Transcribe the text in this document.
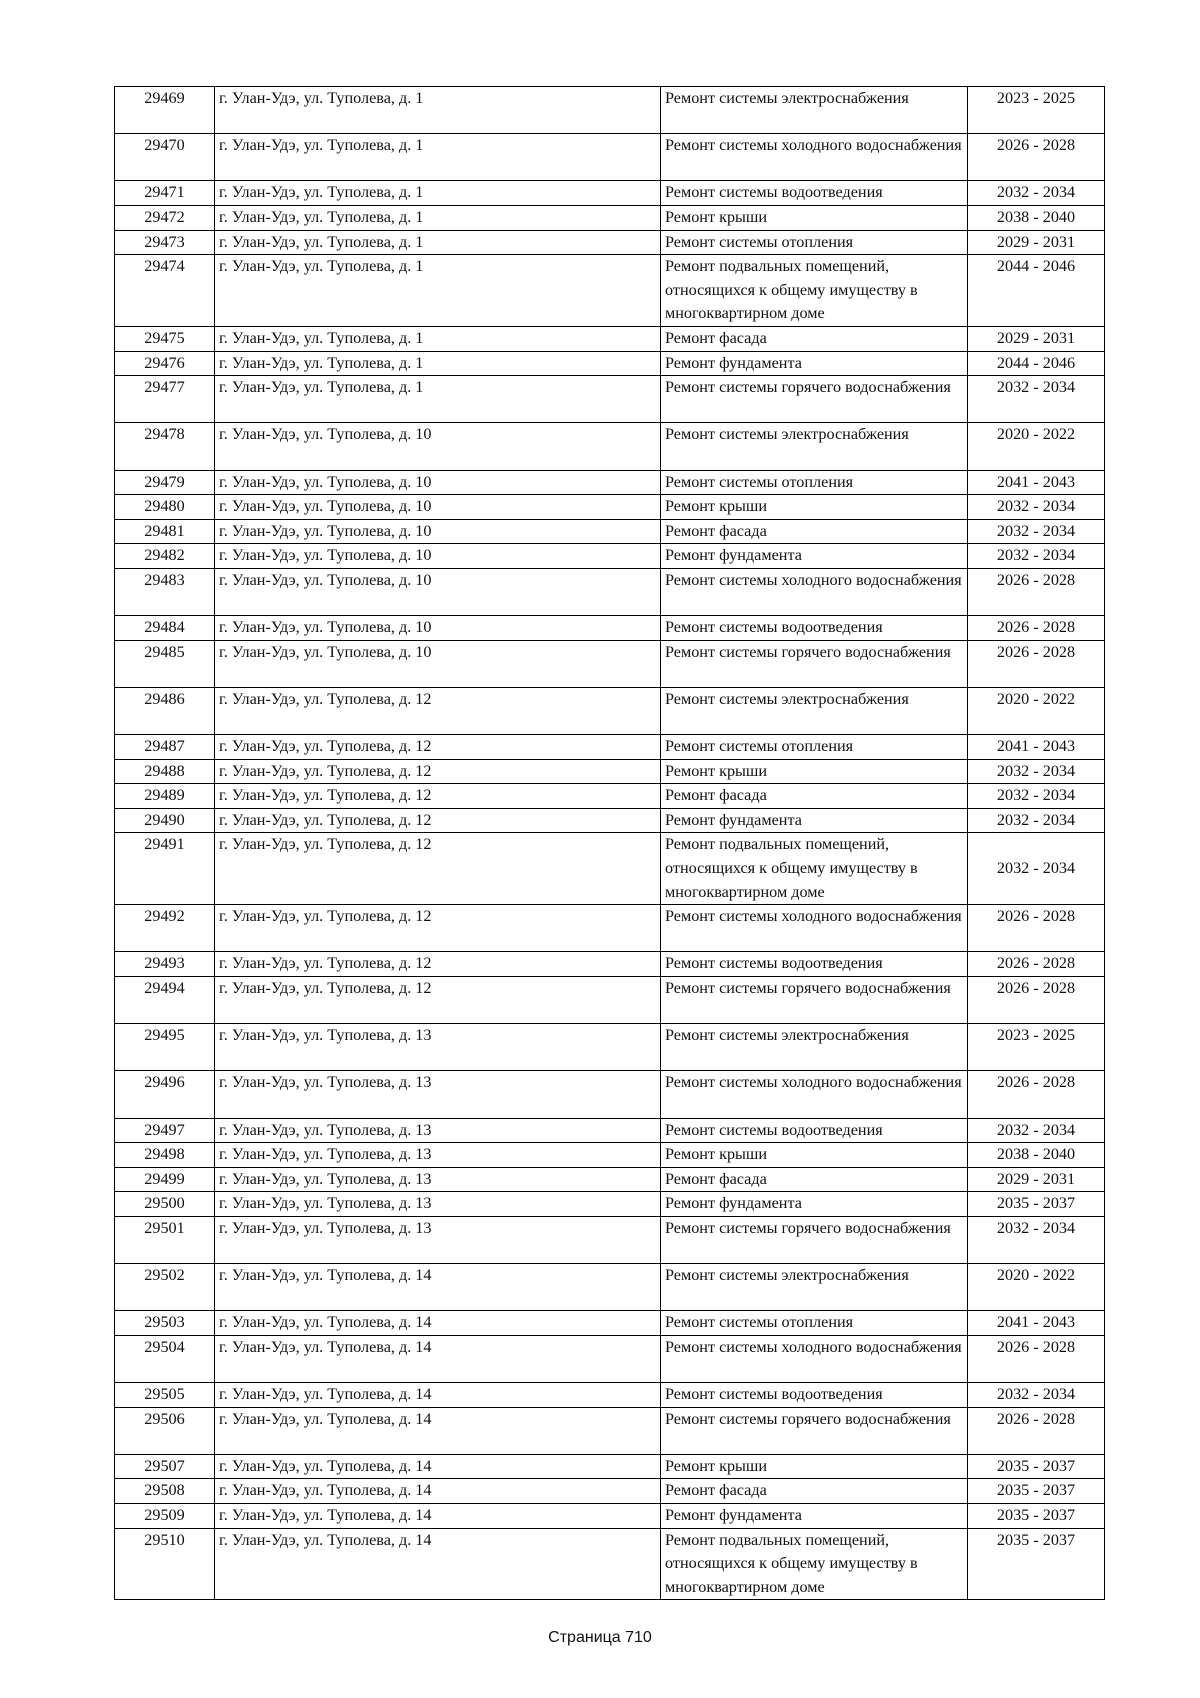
29469	г. Улан-Удэ, ул. Туполева, д. 1	Ремонт системы электроснабжения	2023 - 2025
29470	г. Улан-Удэ, ул. Туполева, д. 1	Ремонт системы холодного водоснабжения	2026 - 2028
29471	г. Улан-Удэ, ул. Туполева, д. 1	Ремонт системы водоотведения	2032 - 2034
29472	г. Улан-Удэ, ул. Туполева, д. 1	Ремонт крыши	2038 - 2040
29473	г. Улан-Удэ, ул. Туполева, д. 1	Ремонт системы отопления	2029 - 2031
29474	г. Улан-Удэ, ул. Туполева, д. 1	Ремонт подвальных помещений, относящихся к общему имуществу в многоквартирном доме	2044 - 2046
29475	г. Улан-Удэ, ул. Туполева, д. 1	Ремонт фасада	2029 - 2031
29476	г. Улан-Удэ, ул. Туполева, д. 1	Ремонт фундамента	2044 - 2046
29477	г. Улан-Удэ, ул. Туполева, д. 1	Ремонт системы горячего водоснабжения	2032 - 2034
29478	г. Улан-Удэ, ул. Туполева, д. 10	Ремонт системы электроснабжения	2020 - 2022
29479	г. Улан-Удэ, ул. Туполева, д. 10	Ремонт системы отопления	2041 - 2043
29480	г. Улан-Удэ, ул. Туполева, д. 10	Ремонт крыши	2032 - 2034
29481	г. Улан-Удэ, ул. Туполева, д. 10	Ремонт фасада	2032 - 2034
29482	г. Улан-Удэ, ул. Туполева, д. 10	Ремонт фундамента	2032 - 2034
29483	г. Улан-Удэ, ул. Туполева, д. 10	Ремонт системы холодного водоснабжения	2026 - 2028
29484	г. Улан-Удэ, ул. Туполева, д. 10	Ремонт системы водоотведения	2026 - 2028
29485	г. Улан-Удэ, ул. Туполева, д. 10	Ремонт системы горячего водоснабжения	2026 - 2028
29486	г. Улан-Удэ, ул. Туполева, д. 12	Ремонт системы электроснабжения	2020 - 2022
29487	г. Улан-Удэ, ул. Туполева, д. 12	Ремонт системы отопления	2041 - 2043
29488	г. Улан-Удэ, ул. Туполева, д. 12	Ремонт крыши	2032 - 2034
29489	г. Улан-Удэ, ул. Туполева, д. 12	Ремонт фасада	2032 - 2034
29490	г. Улан-Удэ, ул. Туполева, д. 12	Ремонт фундамента	2032 - 2034
29491	г. Улан-Удэ, ул. Туполева, д. 12	Ремонт подвальных помещений, относящихся к общему имуществу в многоквартирном доме	2032 - 2034
29492	г. Улан-Удэ, ул. Туполева, д. 12	Ремонт системы холодного водоснабжения	2026 - 2028
29493	г. Улан-Удэ, ул. Туполева, д. 12	Ремонт системы водоотведения	2026 - 2028
29494	г. Улан-Удэ, ул. Туполева, д. 12	Ремонт системы горячего водоснабжения	2026 - 2028
29495	г. Улан-Удэ, ул. Туполева, д. 13	Ремонт системы электроснабжения	2023 - 2025
29496	г. Улан-Удэ, ул. Туполева, д. 13	Ремонт системы холодного водоснабжения	2026 - 2028
29497	г. Улан-Удэ, ул. Туполева, д. 13	Ремонт системы водоотведения	2032 - 2034
29498	г. Улан-Удэ, ул. Туполева, д. 13	Ремонт крыши	2038 - 2040
29499	г. Улан-Удэ, ул. Туполева, д. 13	Ремонт фасада	2029 - 2031
29500	г. Улан-Удэ, ул. Туполева, д. 13	Ремонт фундамента	2035 - 2037
29501	г. Улан-Удэ, ул. Туполева, д. 13	Ремонт системы горячего водоснабжения	2032 - 2034
29502	г. Улан-Удэ, ул. Туполева, д. 14	Ремонт системы электроснабжения	2020 - 2022
29503	г. Улан-Удэ, ул. Туполева, д. 14	Ремонт системы отопления	2041 - 2043
29504	г. Улан-Удэ, ул. Туполева, д. 14	Ремонт системы холодного водоснабжения	2026 - 2028
29505	г. Улан-Удэ, ул. Туполева, д. 14	Ремонт системы водоотведения	2032 - 2034
29506	г. Улан-Удэ, ул. Туполева, д. 14	Ремонт системы горячего водоснабжения	2026 - 2028
29507	г. Улан-Удэ, ул. Туполева, д. 14	Ремонт крыши	2035 - 2037
29508	г. Улан-Удэ, ул. Туполева, д. 14	Ремонт фасада	2035 - 2037
29509	г. Улан-Удэ, ул. Туполева, д. 14	Ремонт фундамента	2035 - 2037
29510	г. Улан-Удэ, ул. Туполева, д. 14	Ремонт подвальных помещений, относящихся к общему имуществу в многоквартирном доме	2035 - 2037
Страница 710
